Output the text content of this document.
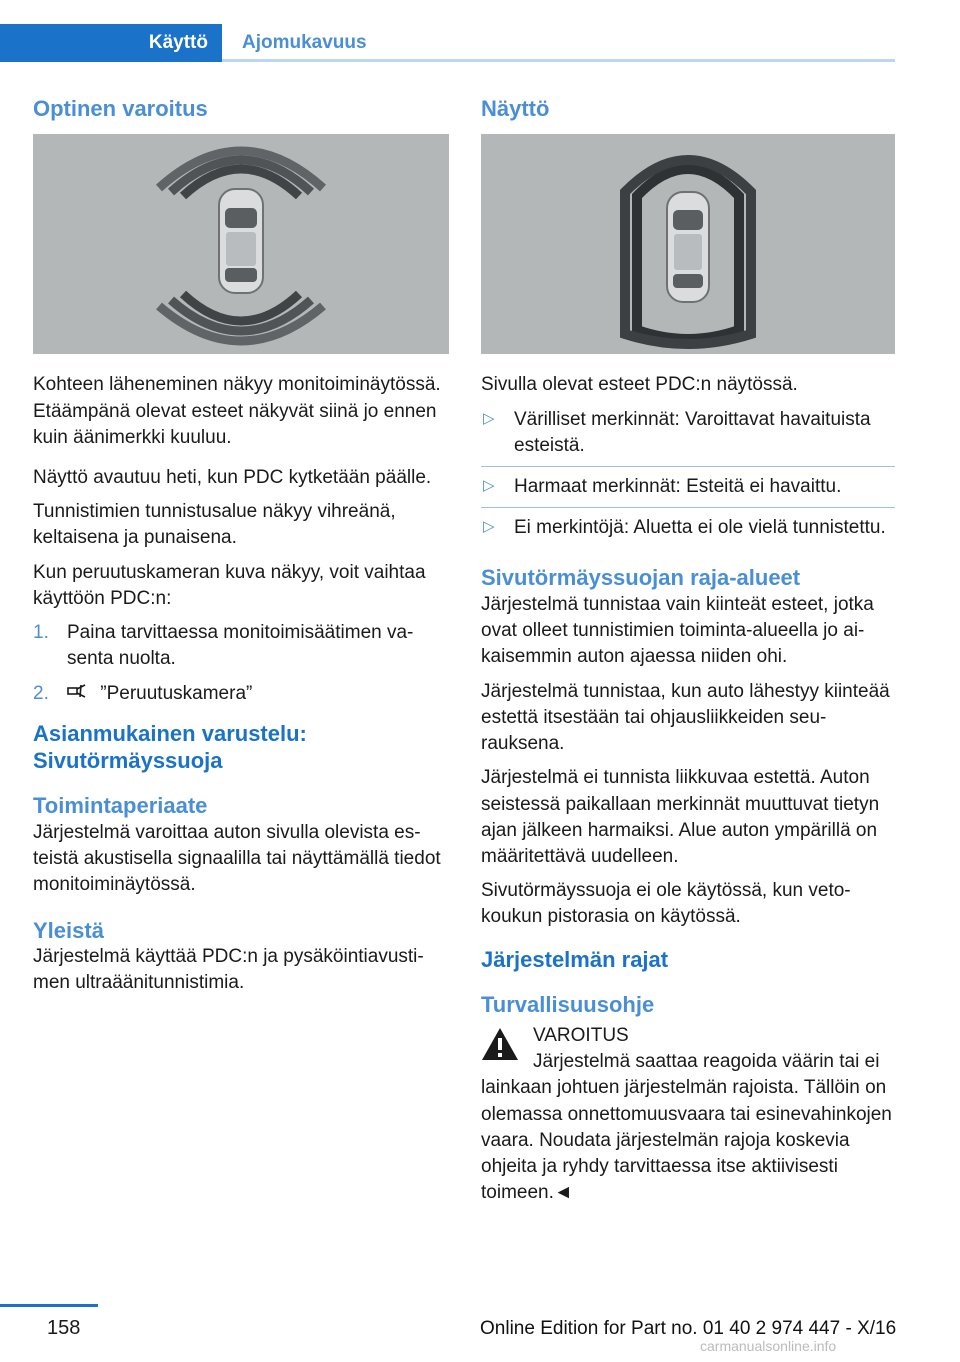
Käyttö	Ajomukavuus
Optinen varoitus

Kohteen läheneminen näkyy monitoiminäytössä. Etäämpänä olevat esteet näkyvät siinä jo ennen kuin äänimerkki kuuluu.

Näyttö avautuu heti, kun PDC kytketään päälle.

Tunnistimien tunnistusalue näkyy vihreänä, keltaisena ja punaisena.

Kun peruutuskameran kuva näkyy, voit vaihtaa käyttöön PDC:n:

1. Paina tarvittaessa monitoimisäätimen vasenta nuolta.
2.	”Peruutuskamera”
Asianmukainen varustelu: Sivutörmäyssuoja
Toimintaperiaate

Järjestelmä varoittaa auton sivulla olevista esteistä akustisella signaalilla tai näyttämällä tiedot monitoiminäytössä.

Yleistä

Järjestelmä käyttää PDC:n ja pysäköintiavustimen ultraäänitunnistimia.

Näyttö

Sivulla olevat esteet PDC:n näytössä.

▷ Värilliset merkinnät: Varoittavat havaituista esteistä.
▷ Harmaat merkinnät: Esteitä ei havaittu.
▷ Ei merkintöjä: Aluetta ei ole vielä tunnistettu.
Sivutörmäyssuojan raja-alueet

Järjestelmä tunnistaa vain kiinteät esteet, jotka ovat olleet tunnistimien toiminta-alueella jo aikaisemmin auton ajaessa niiden ohi.

Järjestelmä tunnistaa, kun auto lähestyy kiinteää estettä itsestään tai ohjausliikkeiden seurauksena.

Järjestelmä ei tunnista liikkuvaa estettä. Auton seistessä paikallaan merkinnät muuttuvat tietyn ajan jälkeen harmaiksi. Alue auton ympärillä on määritettävä uudelleen.

Sivutörmäyssuoja ei ole käytössä, kun vetokoukun pistorasia on käytössä.

Järjestelmän rajat
Turvallisuusohje
VAROITUS

Järjestelmä saattaa reagoida väärin tai ei lainkaan johtuen järjestelmän rajoista. Tällöin on olemassa onnettomuusvaara tai esinevahinkojen vaara. Noudata järjestelmän rajoja koskevia ohjeita ja ryhdy tarvittaessa itse aktiivisesti toimeen.◄

158	Online Edition for Part no. 01 40 2 974 447 - X/16
carmanualsonline.info
